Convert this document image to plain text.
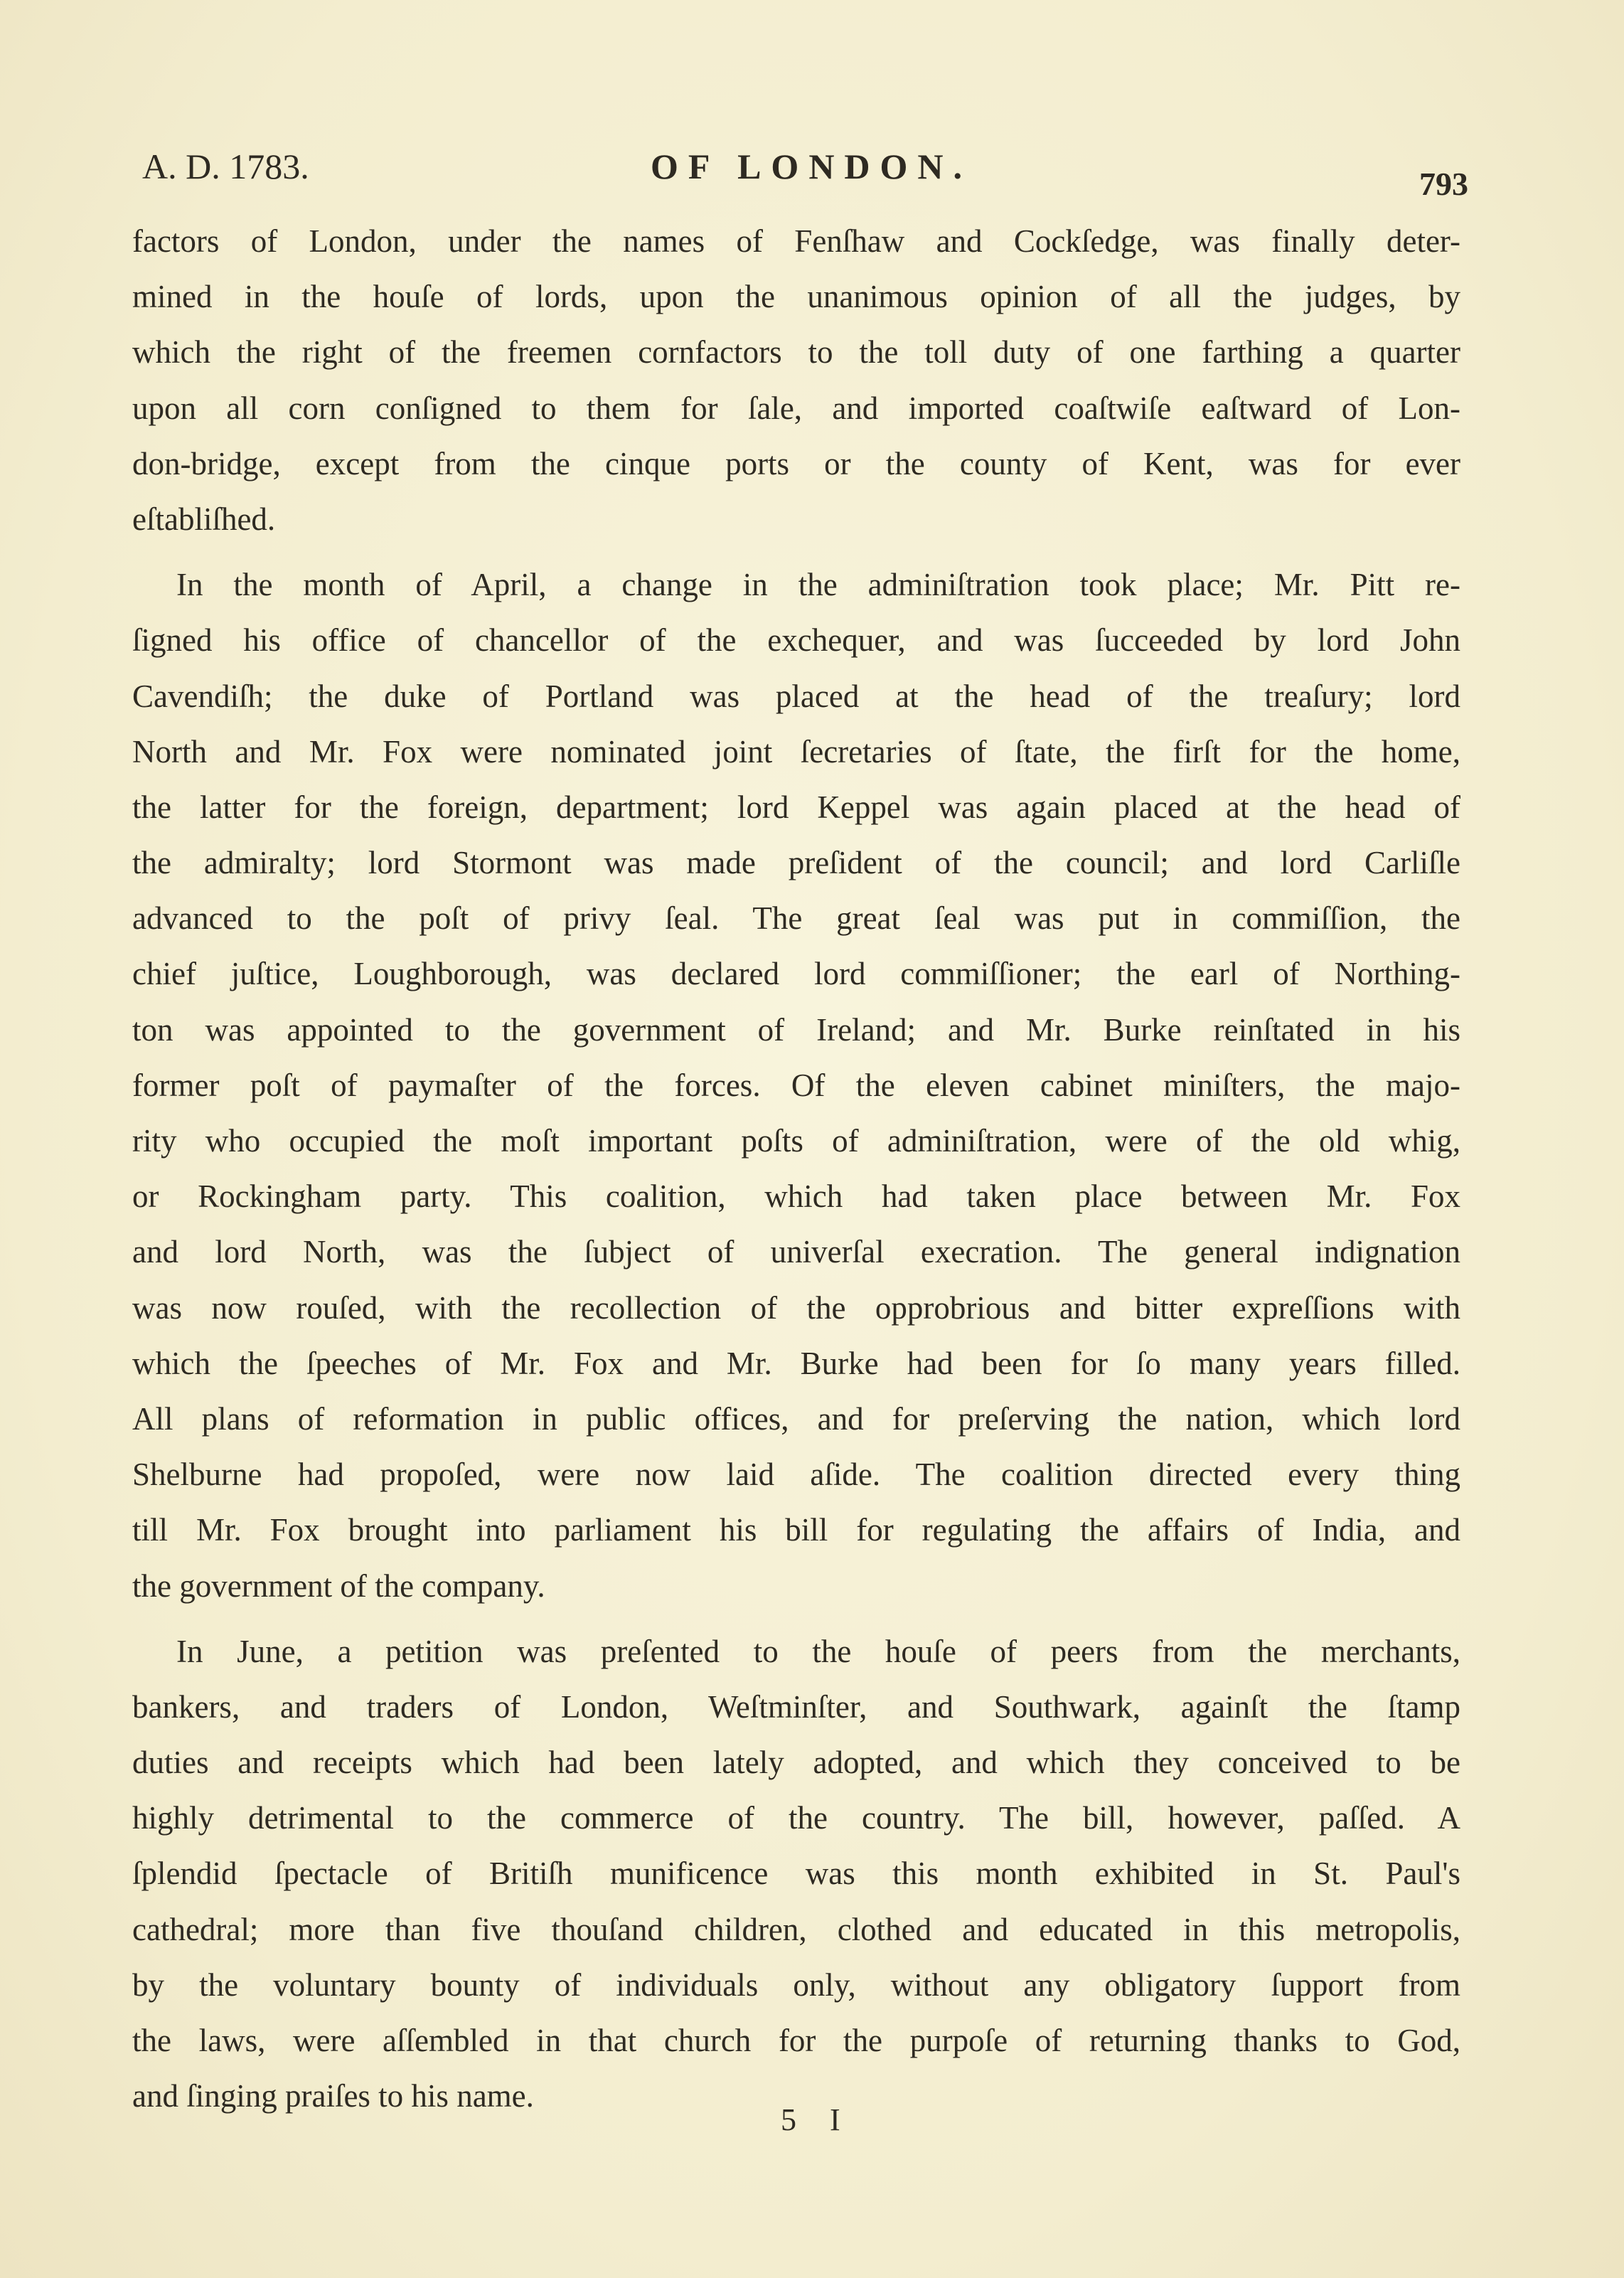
A. D. 1783.	OF LONDON.	793
factors of London, under the names of Fenſhaw and Cockſedge, was finally deter-
mined in the houſe of lords, upon the unanimous opinion of all the judges, by
which the right of the freemen cornfactors to the toll duty of one farthing a quarter
upon all corn conſigned to them for ſale, and imported coaſtwiſe eaſtward of Lon-
don-bridge, except from the cinque ports or the county of Kent, was for ever
eſtabliſhed.
In the month of April, a change in the adminiſtration took place; Mr. Pitt re-
ſigned his office of chancellor of the exchequer, and was ſucceeded by lord John
Cavendiſh; the duke of Portland was placed at the head of the treaſury; lord
North and Mr. Fox were nominated joint ſecretaries of ſtate, the firſt for the home,
the latter for the foreign, department; lord Keppel was again placed at the head of
the admiralty; lord Stormont was made preſident of the council; and lord Carliſle
advanced to the poſt of privy ſeal. The great ſeal was put in commiſſion, the
chief juſtice, Loughborough, was declared lord commiſſioner; the earl of Northing-
ton was appointed to the government of Ireland; and Mr. Burke reinſtated in his
former poſt of paymaſter of the forces. Of the eleven cabinet miniſters, the majo-
rity who occupied the moſt important poſts of adminiſtration, were of the old whig,
or Rockingham party. This coalition, which had taken place between Mr. Fox
and lord North, was the ſubject of univerſal execration. The general indignation
was now rouſed, with the recollection of the opprobrious and bitter expreſſions with
which the ſpeeches of Mr. Fox and Mr. Burke had been for ſo many years filled.
All plans of reformation in public offices, and for preſerving the nation, which lord
Shelburne had propoſed, were now laid aſide. The coalition directed every thing
till Mr. Fox brought into parliament his bill for regulating the affairs of India, and
the government of the company.
In June, a petition was preſented to the houſe of peers from the merchants,
bankers, and traders of London, Weſtminſter, and Southwark, againſt the ſtamp
duties and receipts which had been lately adopted, and which they conceived to be
highly detrimental to the commerce of the country. The bill, however, paſſed. A
ſplendid ſpectacle of Britiſh munificence was this month exhibited in St. Paul's
cathedral; more than five thouſand children, clothed and educated in this metropolis,
by the voluntary bounty of individuals only, without any obligatory ſupport from
the laws, were aſſembled in that church for the purpoſe of returning thanks to God,
and ſinging praiſes to his name.
5 I
